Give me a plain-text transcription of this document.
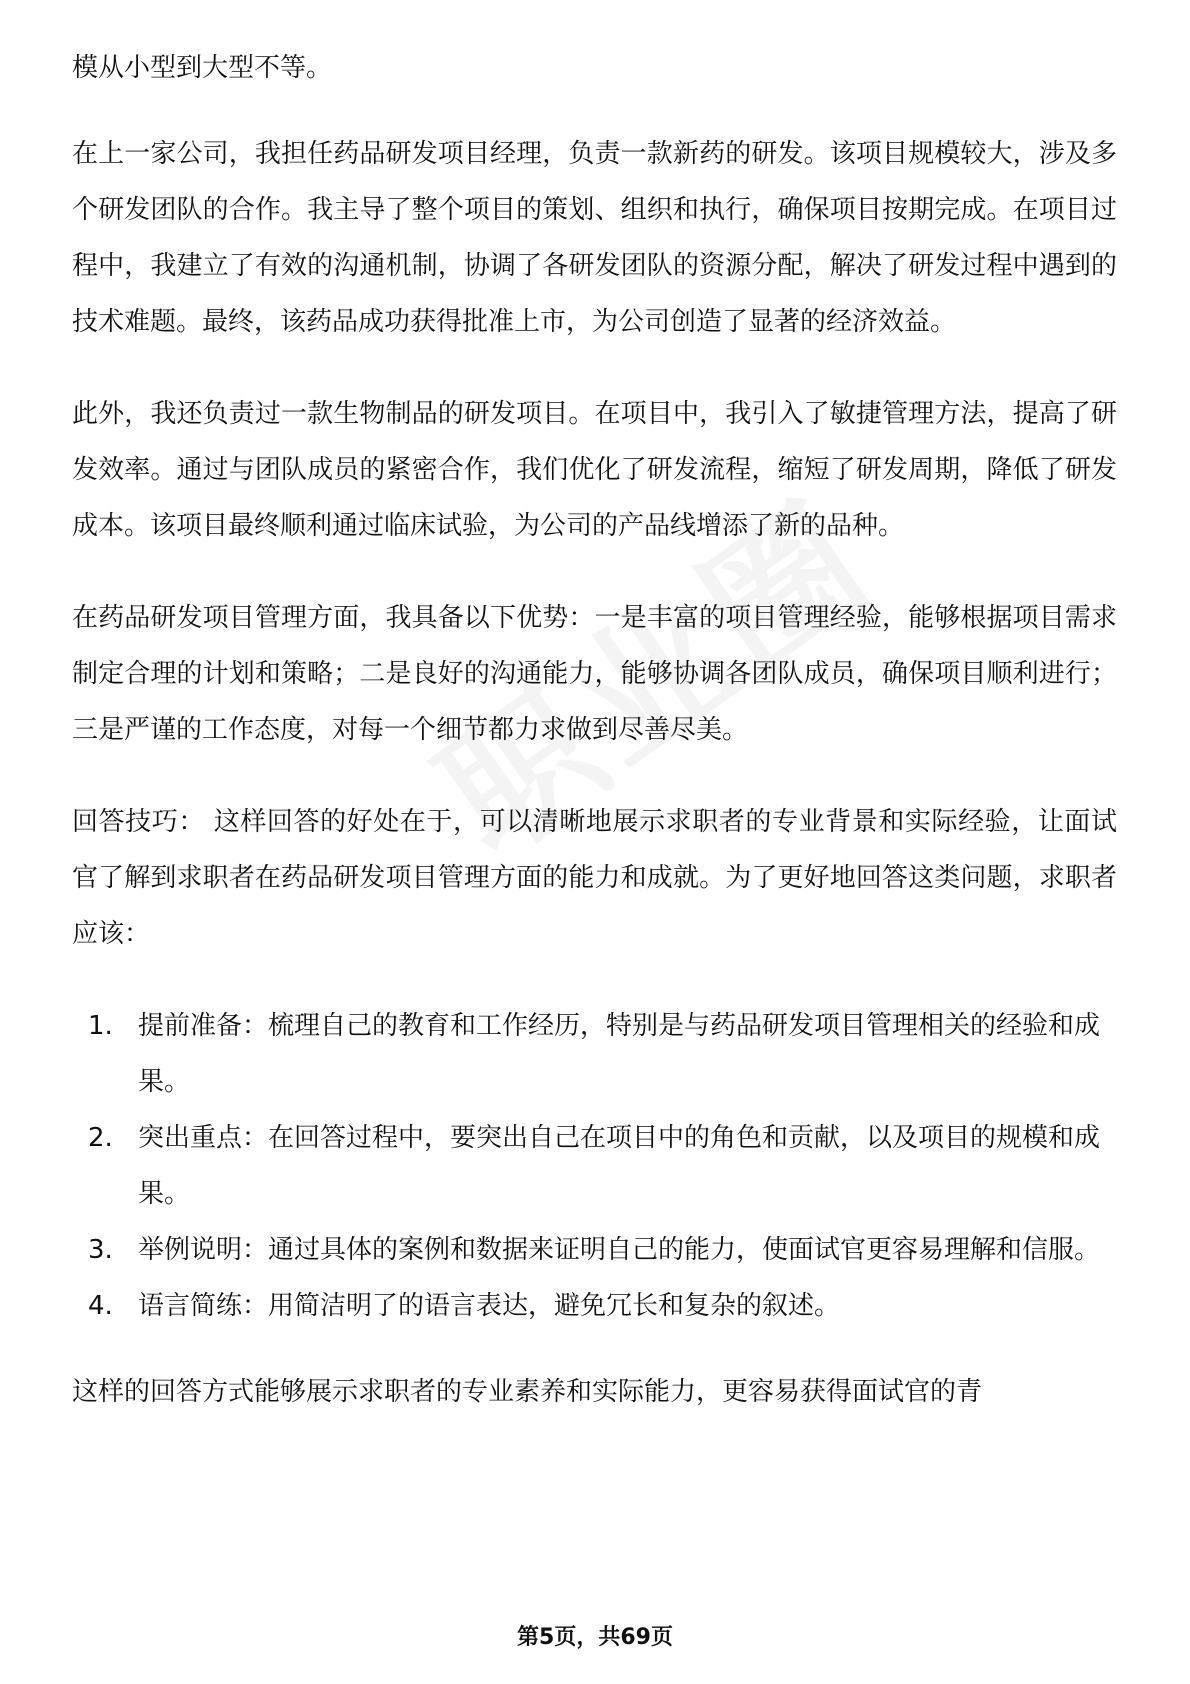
模从小型到大型不等。

在上一家公司，我担任药品研发项目经理，负责一款新药的研发。该项目规模较大，涉及多个研发团队的合作。我主导了整个项目的策划、组织和执行，确保项目按期完成。在项目过程中，我建立了有效的沟通机制，协调了各研发团队的资源分配，解决了研发过程中遇到的技术难题。最终，该药品成功获得批准上市，为公司创造了显著的经济效益。

此外，我还负责过一款生物制品的研发项目。在项目中，我引入了敏捷管理方法，提高了研发效率。通过与团队成员的紧密合作，我们优化了研发流程，缩短了研发周期，降低了研发成本。该项目最终顺利通过临床试验，为公司的产品线增添了新的品种。

在药品研发项目管理方面，我具备以下优势：一是丰富的项目管理经验，能够根据项目需求制定合理的计划和策略；二是良好的沟通能力，能够协调各团队成员，确保项目顺利进行；三是严谨的工作态度，对每一个细节都力求做到尽善尽美。

回答技巧： 这样回答的好处在于，可以清晰地展示求职者的专业背景和实际经验，让面试官了解到求职者在药品研发项目管理方面的能力和成就。为了更好地回答这类问题，求职者应该：

1. 提前准备：梳理自己的教育和工作经历，特别是与药品研发项目管理相关的经验和成果。
2. 突出重点：在回答过程中，要突出自己在项目中的角色和贡献，以及项目的规模和成果。
3. 举例说明：通过具体的案例和数据来证明自己的能力，使面试官更容易理解和信服。
4. 语言简练：用简洁明了的语言表达，避免冗长和复杂的叙述。

这样的回答方式能够展示求职者的专业素养和实际能力，更容易获得面试官的青

第5页，共69页
